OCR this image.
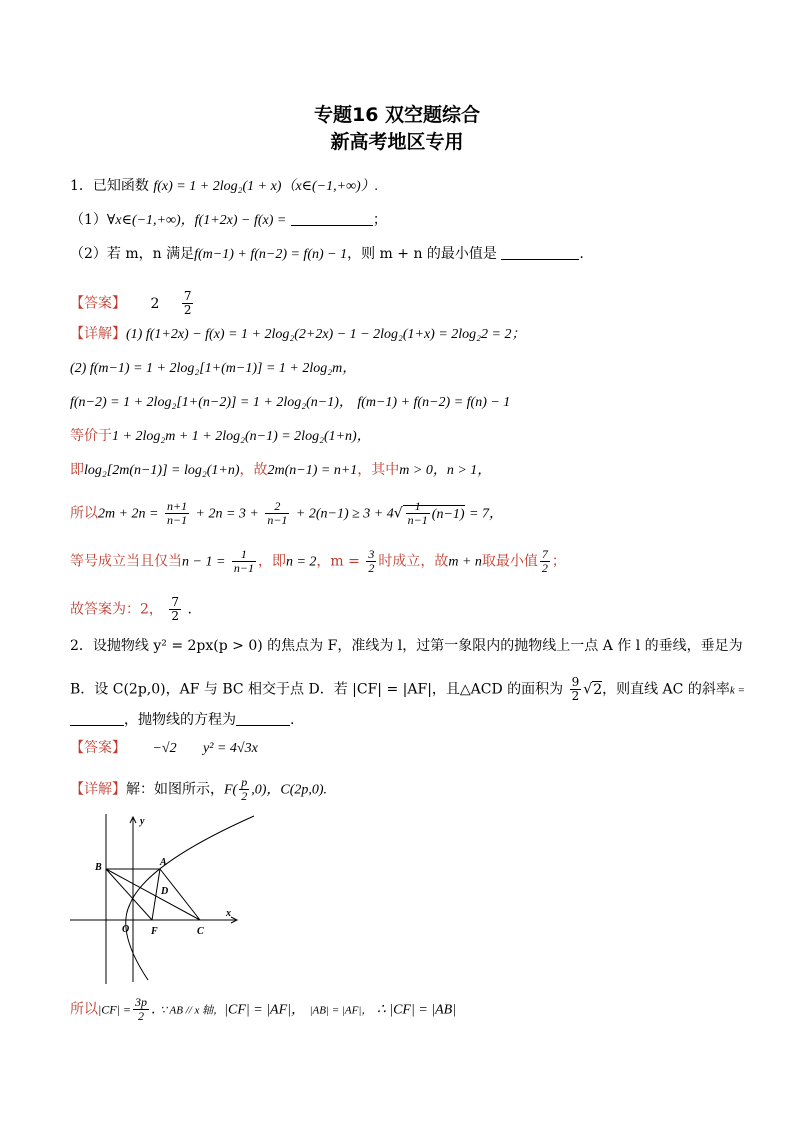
专题16 双空题综合
新高考地区专用
1．已知函数 f(x) = 1 + 2log₂(1 + x)（x∈(−1,+∞)）.
（1）∀x∈(−1,+∞)，f(1+2x) − f(x) =	；
（2）若 m，n 满足f(m−1) + f(n−2) = f(n) − 1，则 m + n 的最小值是	.
【答案】 $2 \frac{7}{2}$
【详解】(1) f(1+2x) − f(x) = 1 + 2log₂(2+2x) − 1 − 2log₂(1+x) = 2log₂2 = 2；
(2) f(m−1) = 1 + 2log₂[1+(m−1)] = 1 + 2log₂m，
f(n−2) = 1 + 2log₂[1+(n−2)] = 1 + 2log₂(n−1)， f(m−1) + f(n−2) = f(n) − 1
等价于1 + 2log₂m + 1 + 2log₂(n−1) = 2log₂(1+n)，
即log₂[2m(n−1)] = log₂(1+n)，故2m(n−1) = n+1，其中m > 0，n > 1，
所以$2m + 2n = \frac{n+1}{n-1} + 2n = 3 + \frac{2}{n-1} + 2(n-1) \ge 3 + 4√ \frac{1}{n-1} (n-1) = 7$，
等号成立当且仅当$n - 1 = \frac{1}{n-1}$ ，即n = 2，$m = \frac{3}{2}$ 时成立，故m + n取最小值 $\frac{7}{2}$ ；
故答案为：2， $\frac{7}{2}$ .
2．设抛物线 y² = 2px(p > 0) 的焦点为 F，准线为 l，过第一象限内的抛物线上一点 A 作 l 的垂线，垂足为
B．设 C(2p,0)，AF 与 BC 相交于点 D．若 |CF| = |AF|，且△ACD 的面积为 $\frac{9}{2} √2$，则直线 AC 的斜率k =
，抛物线的方程为	.
【答案】 −√2 y² = 4√3x
【详解】解：如图所示，$F( \frac{p}{2} ,0)$，C(2p,0).
y
x
B	A
D
O F	C
所以$|CF| = \frac{3p}{2}$ . ∵ AB // x 轴，|CF| = |AF|， |AB| = |AF|， ∴ |CF| = |AB|
